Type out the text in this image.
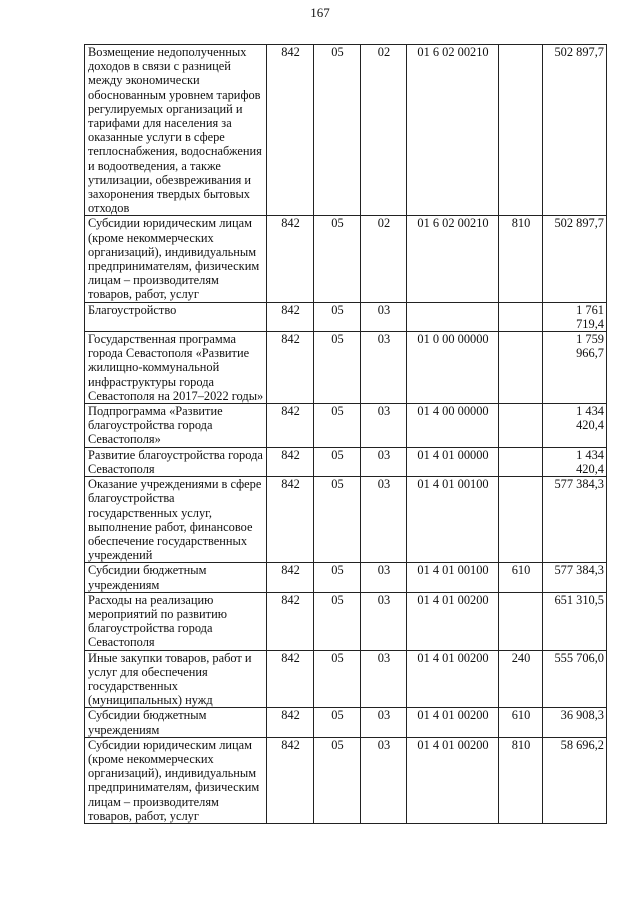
167
Возмещение недополученных доходов в связи с разницей между экономически обоснованным уровнем тарифов регулируемых организаций и тарифами для населения за оказанные услуги в сфере теплоснабжения, водоснабжения и водоотведения, а также утилизации, обезвреживания и захоронения твердых бытовых отходов	842	05	02	01 6 02 00210		502 897,7
Субсидии юридическим лицам (кроме некоммерческих организаций), индивидуальным предпринимателям, физическим лицам – производителям товаров, работ, услуг	842	05	02	01 6 02 00210	810	502 897,7
Благоустройство	842	05	03			1 761 719,4
Государственная программа города Севастополя «Развитие жилищно-коммунальной инфраструктуры города Севастополя на 2017–2022 годы»	842	05	03	01 0 00 00000		1 759 966,7
Подпрограмма «Развитие благоустройства города Севастополя»	842	05	03	01 4 00 00000		1 434 420,4
Развитие благоустройства города Севастополя	842	05	03	01 4 01 00000		1 434 420,4
Оказание учреждениями в сфере благоустройства государственных услуг, выполнение работ, финансовое обеспечение государственных учреждений	842	05	03	01 4 01 00100		577 384,3
Субсидии бюджетным учреждениям	842	05	03	01 4 01 00100	610	577 384,3
Расходы на реализацию мероприятий по развитию благоустройства города Севастополя	842	05	03	01 4 01 00200		651 310,5
Иные закупки товаров, работ и услуг для обеспечения государственных (муниципальных) нужд	842	05	03	01 4 01 00200	240	555 706,0
Субсидии бюджетным учреждениям	842	05	03	01 4 01 00200	610	36 908,3
Субсидии юридическим лицам (кроме некоммерческих организаций), индивидуальным предпринимателям, физическим лицам – производителям товаров, работ, услуг	842	05	03	01 4 01 00200	810	58 696,2
